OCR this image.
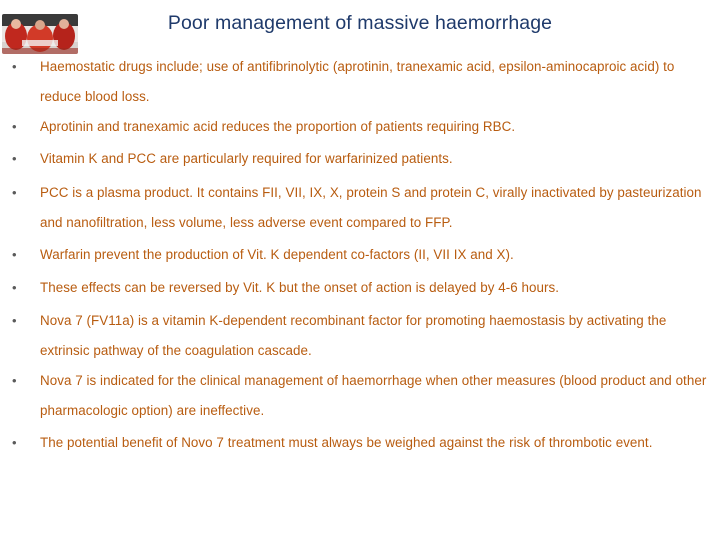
Poor management of massive haemorrhage
•	Haemostatic drugs include; use of antifibrinolytic (aprotinin, tranexamic acid, epsilon-aminocaproic acid) to reduce blood loss.
•	Aprotinin and tranexamic acid reduces the proportion of patients requiring RBC.
•	Vitamin K and PCC are particularly required for warfarinized patients.
•	PCC is a plasma product. It contains FII, VII, IX, X, protein S and protein C, virally inactivated by pasteurization and nanofiltration, less volume, less adverse event compared to FFP.
•	Warfarin prevent the production of Vit. K dependent co-factors (II, VII IX and X).
•	These effects can be reversed by Vit. K but the onset of action is delayed by 4-6 hours.
•	Nova 7 (FV11a) is a vitamin K-dependent recombinant factor for promoting haemostasis by activating the extrinsic pathway of the coagulation cascade.
•	Nova 7 is indicated for the clinical management of haemorrhage when other measures (blood product and other pharmacologic option) are ineffective.
•	The potential benefit of Novo 7 treatment must always be weighed against the risk of thrombotic event.
